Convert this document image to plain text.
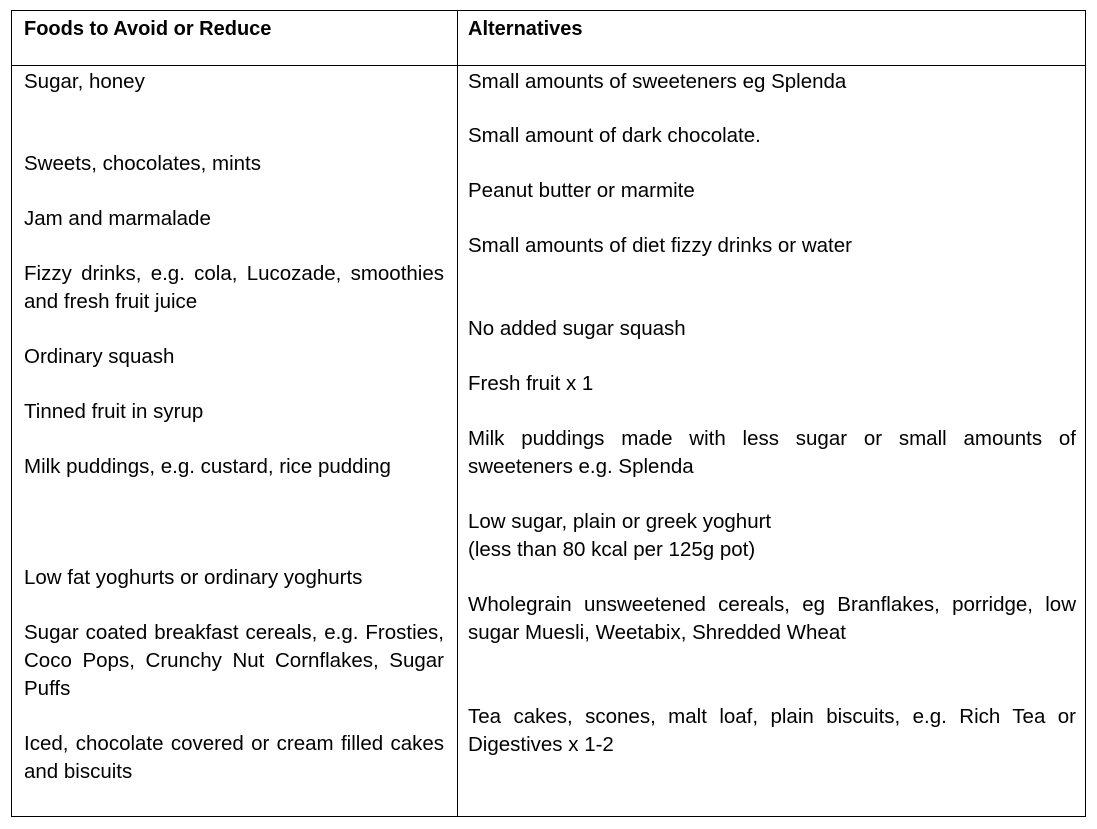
Foods to Avoid or Reduce	Alternatives
Sugar, honey
Sweets, chocolates, mints
Jam and marmalade
Fizzy drinks, e.g. cola, Lucozade, smoothies and fresh fruit juice
Ordinary squash
Tinned fruit in syrup
Milk puddings, e.g. custard, rice pudding
Low fat yoghurts or ordinary yoghurts
Sugar coated breakfast cereals, e.g. Frosties, Coco Pops, Crunchy Nut Cornflakes, Sugar Puffs
Iced, chocolate covered or cream filled cakes and biscuits
Small amounts of sweeteners eg Splenda
Small amount of dark chocolate.
Peanut butter or marmite
Small amounts of diet fizzy drinks or water
No added sugar squash
Fresh fruit x 1
Milk puddings made with less sugar or small amounts of sweeteners e.g. Splenda
Low sugar, plain or greek yoghurt
(less than 80 kcal per 125g pot)
Wholegrain unsweetened cereals, eg Branflakes, porridge, low sugar Muesli, Weetabix, Shredded Wheat
Tea cakes, scones, malt loaf, plain biscuits, e.g. Rich Tea or Digestives x 1-2
